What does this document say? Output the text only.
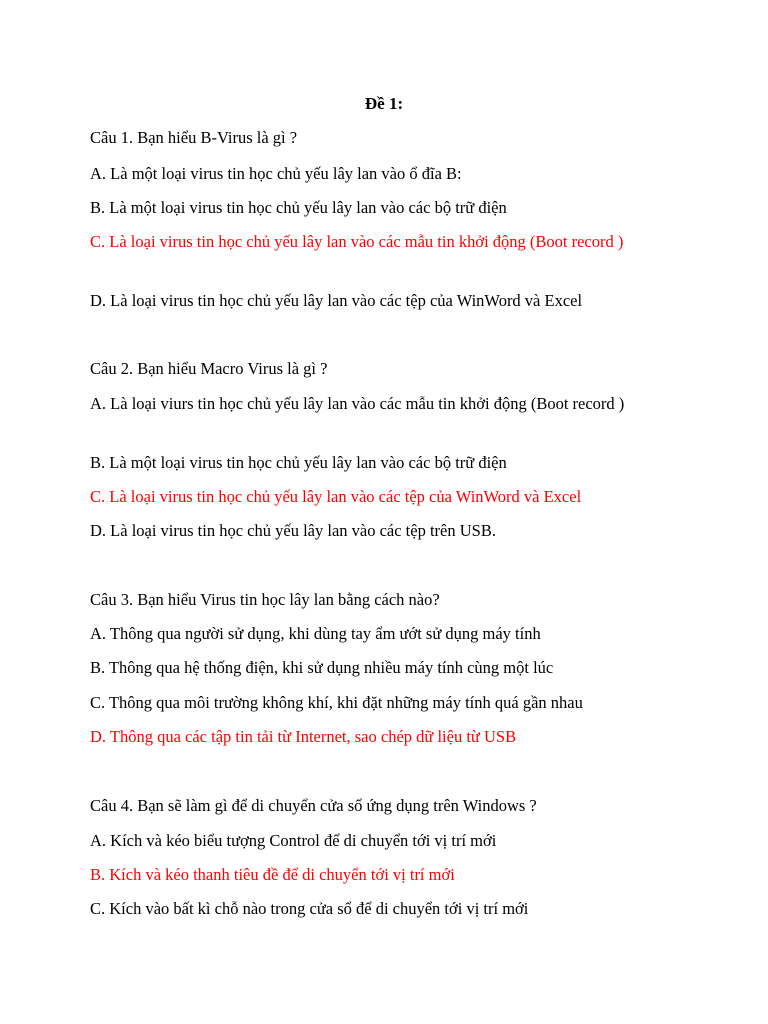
Đề 1:
Câu 1. Bạn hiểu B-Virus là gì ?
A. Là một loại virus tin học chủ yếu lây lan vào ổ đĩa B:
B. Là một loại virus tin học chủ yếu lây lan vào các bộ trữ điện
C. Là loại virus tin học chủ yếu lây lan vào các mẫu tin khởi động (Boot record )
D. Là loại virus tin học chủ yếu lây lan vào các tệp của WinWord và Excel
Câu 2. Bạn hiểu Macro Virus là gì ?
A. Là loại viurs tin học chủ yếu lây lan vào các mẫu tin khởi động (Boot record )
B. Là một loại virus tin học chủ yếu lây lan vào các bộ trữ điện
C. Là loại virus tin học chủ yếu lây lan vào các tệp của WinWord và Excel
D. Là loại virus tin học chủ yếu lây lan vào các tệp trên USB.
Câu 3. Bạn hiểu Virus tin học lây lan bằng cách nào?
A. Thông qua người sử dụng, khi dùng tay ẩm ướt sử dụng máy tính
B. Thông qua hệ thống điện, khi sử dụng nhiều máy tính cùng một lúc
C. Thông qua môi trường không khí, khi đặt những máy tính quá gần nhau
D. Thông qua các tập tin tải từ Internet, sao chép dữ liệu từ USB
Câu 4. Bạn sẽ làm gì để di chuyển cửa sổ ứng dụng trên Windows ?
A. Kích và kéo biểu tượng Control để di chuyển tới vị trí mới
B. Kích và kéo thanh tiêu đề để di chuyển tới vị trí mới
C. Kích vào bất kì chỗ nào trong cửa sổ để di chuyển tới vị trí mới
